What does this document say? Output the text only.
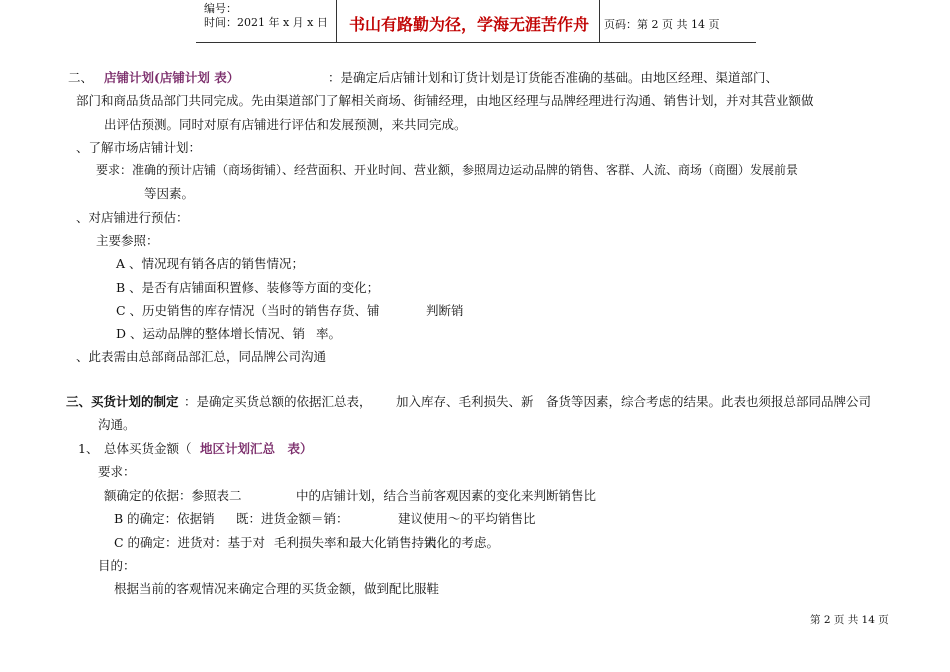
编号：
时间：2021 年 x 月 x 日 书山有路勤为径，学海无涯苦作舟 页码：第 2 页 共 14 页
二、 店铺计划(店铺计划 表）	：是确定后店铺计划和订货计划是订货能否准确的基础。由地区经理、渠道部门、
部门和商品货品部门共同完成。先由渠道部门了解相关商场、街铺经理，由地区经理与品牌经理进行沟通、销售计划，并对其营业额做
出评估预测。同时对原有店铺进行评估和发展预测，来共同完成。
、了解市场店铺计划：
要求：准确的预计店铺（商场街铺）、经营面积、开业时间、营业额，参照周边运动品牌的销售、客群、人流、商场（商圈）发展前景
等因素。
、对店铺进行预估：
主要参照：
A 、情况现有销各店的销售情况；
B 、是否有店铺面积置修、装修等方面的变化；
C 、历史销售的库存情况（当时的销售存货、铺	判断销
D 、运动品牌的整体增长情况、销 率。
、此表需由总部商品部汇总，同品牌公司沟通
三、买货计划的制定 ：是确定买货总额的依据汇总表， 加入库存、毛利损失、新 备货等因素，综合考虑的结果。此表也须报总部同品牌公司
沟通。
1、 总体买货金额（ 地区计划汇总　表）
要求：
额确定的依据：参照表二	中的店铺计划，结合当前客 观因素的变化来判断销售比
B 的确定：依据销 既：进货金额＝销：	建议使用～的平均销售比
C 的确定：进货对：基于对 毛利损失率和最大化销售持销
大化的考虑。
目的：
根据当前的客观情况来确定合理的买货金额，做到配比服鞋
第 2 页 共 14 页
